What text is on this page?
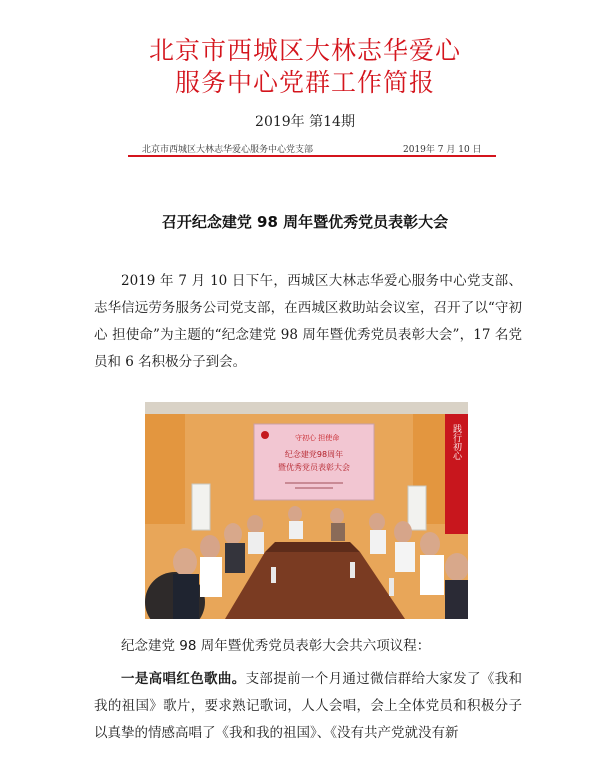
北京市西城区大林志华爱心
服务中心党群工作简报
2019年 第14期
北京市西城区大林志华爱心服务中心党支部	2019年 7 月 10 日
召开纪念建党 98 周年暨优秀党员表彰大会

2019 年 7 月 10 日下午，西城区大林志华爱心服务中心党支部、志华信远劳务服务公司党支部，在西城区救助站会议室，召开了以“守初心 担使命”为主题的“纪念建党 98 周年暨优秀党员表彰大会”，17 名党员和 6 名积极分子到会。

守初心 担使命
纪念建党98周年
暨优秀党员表彰大会
践行初心
纪念建党 98 周年暨优秀党员表彰大会共六项议程：

一是高唱红色歌曲。支部提前一个月通过微信群给大家发了《我和我的祖国》歌片，要求熟记歌词，人人会唱，会上全体党员和积极分子以真挚的情感高唱了《我和我的祖国》、《没有共产党就没有新
